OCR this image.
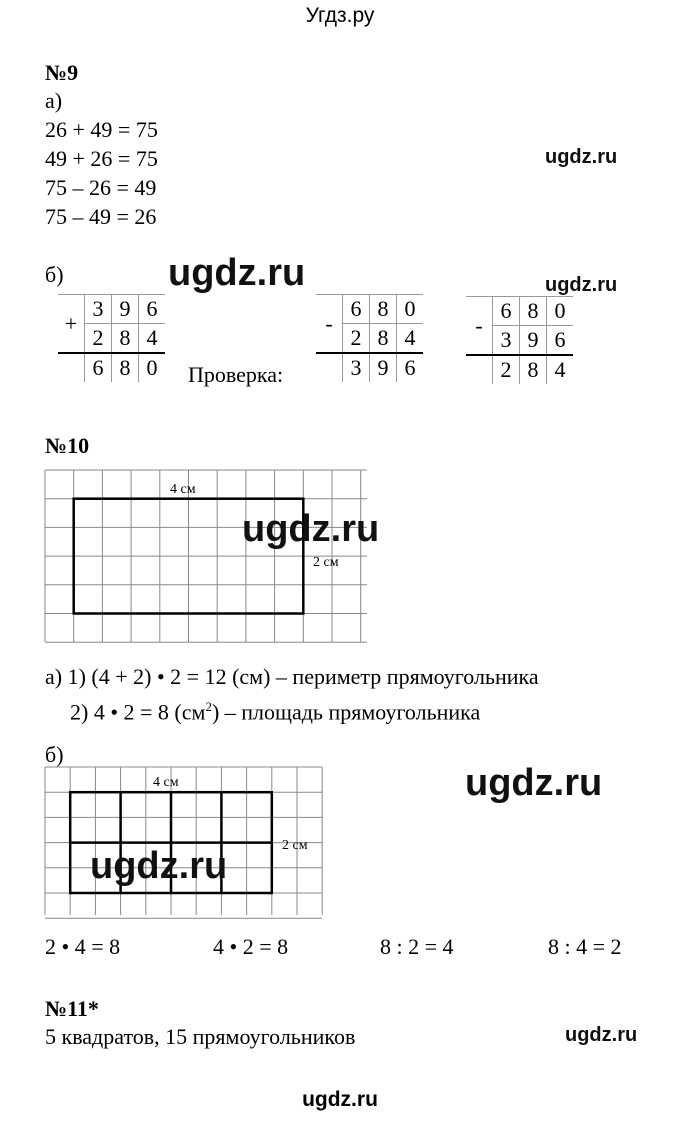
Угдз.ру
№9
а)
26 + 49 = 75
49 + 26 = 75
75 – 26 = 49
75 – 49 = 26
ugdz.ru
б)	ugdz.ru	ugdz.ru
+	3	9	6
	2	8	4
	6	8	0 Проверка:
-	6	8	0
	2	8	4
	3	9	6
-	6	8	0
	3	9	6
	2	8	4
№10
4 см
2 см
ugdz.ru
а) 1) (4 + 2) • 2 = 12 (см) – периметр прямоугольника
2) 4 • 2 = 8 $(см^2)$ – площадь прямоугольника
б)
ugdz.ru
4 см
2 см
ugdz.ru
2 • 4 = 8	4 • 2 = 8	8 : 2 = 4	8 : 4 = 2
№11*
5 квадратов, 15 прямоугольников	ugdz.ru
ugdz.ru
